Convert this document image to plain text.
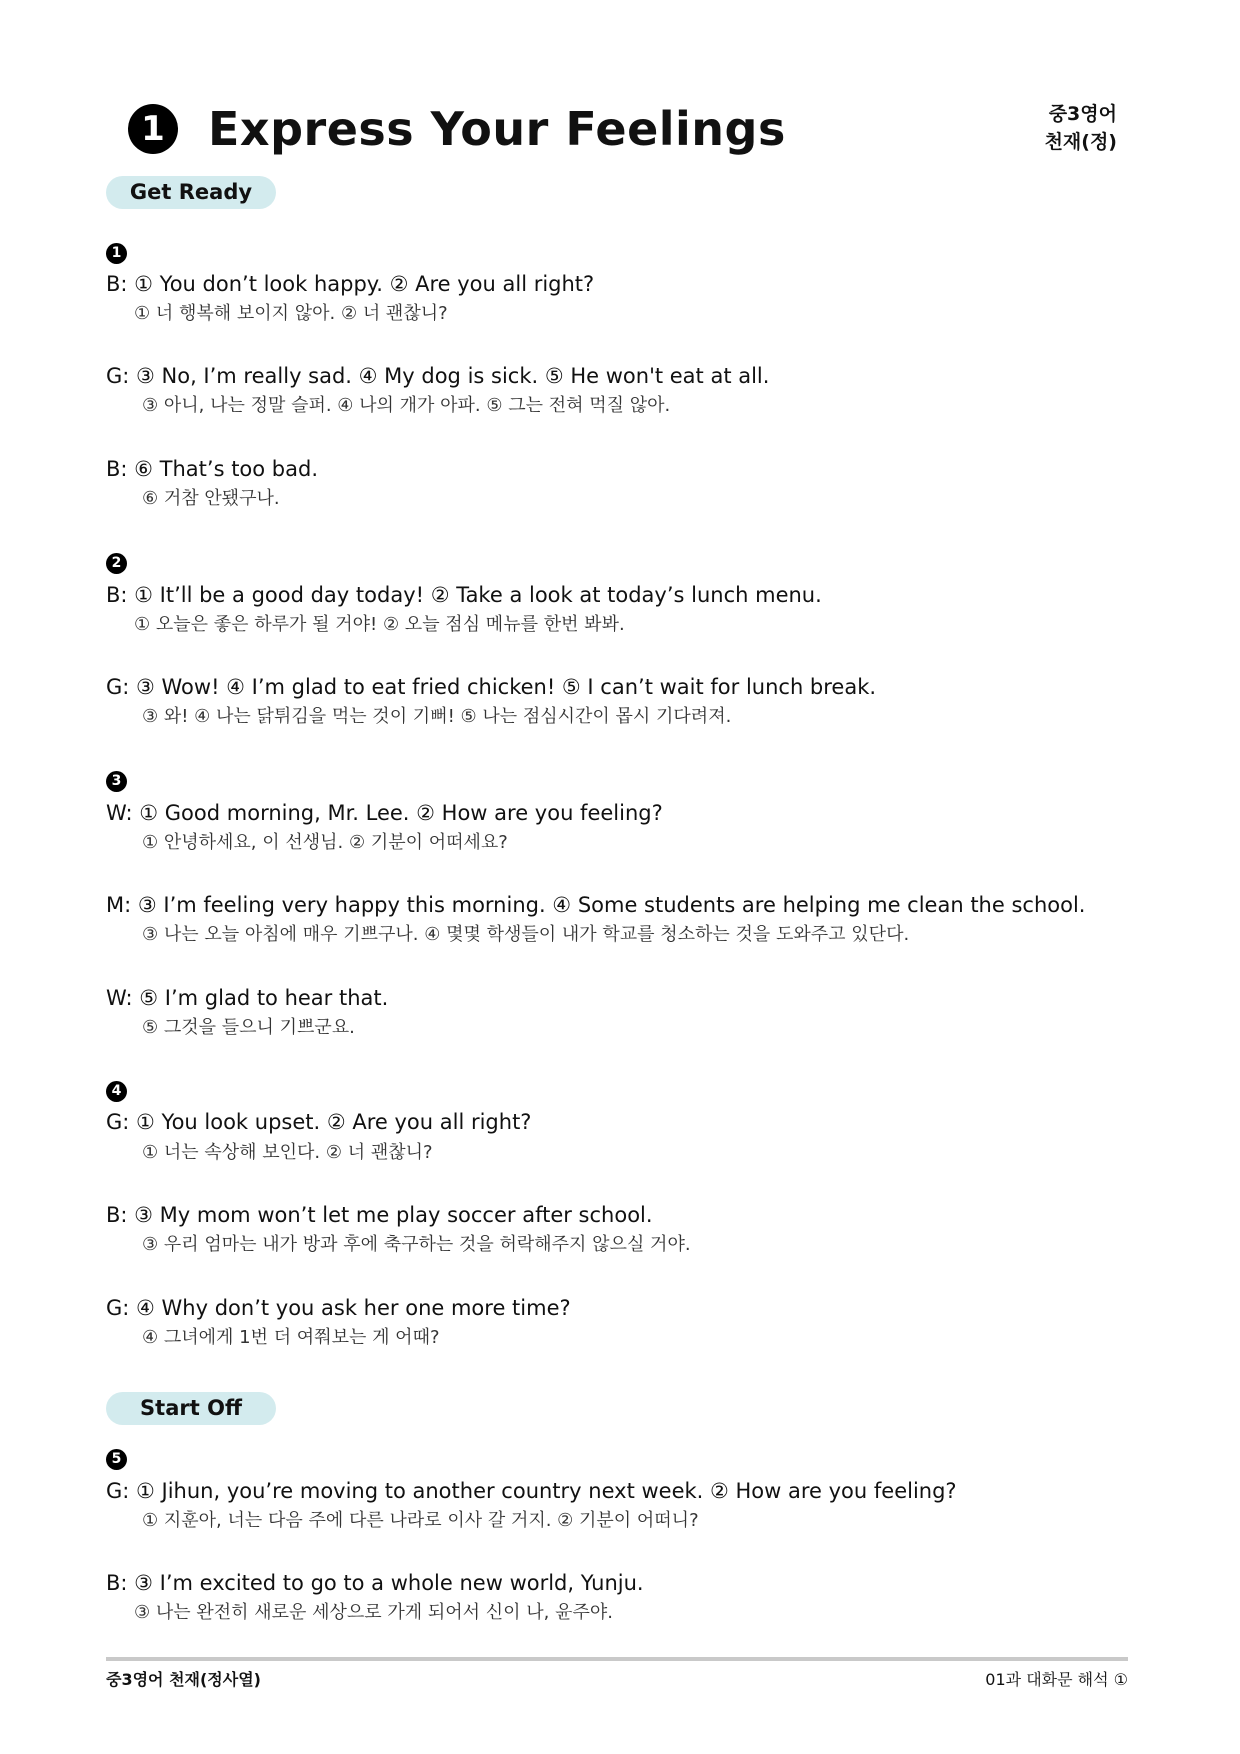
1 Express Your Feelings	중3영어
천재(정)
Get Ready
1
B: ① You don’t look happy. ② Are you all right?
① 너 행복해 보이지 않아. ② 너 괜찮니?
G: ③ No, I’m really sad. ④ My dog is sick. ⑤ He won't eat at all.
③ 아니, 나는 정말 슬퍼. ④ 나의 개가 아파. ⑤ 그는 전혀 먹질 않아.
B: ⑥ That’s too bad.
⑥ 거참 안됐구나.
2
B: ① It’ll be a good day today! ② Take a look at today’s lunch menu.
① 오늘은 좋은 하루가 될 거야! ② 오늘 점심 메뉴를 한번 봐봐.
G: ③ Wow! ④ I’m glad to eat fried chicken! ⑤ I can’t wait for lunch break.
③ 와! ④ 나는 닭튀김을 먹는 것이 기뻐! ⑤ 나는 점심시간이 몹시 기다려져.
3
W: ① Good morning, Mr. Lee. ② How are you feeling?
① 안녕하세요, 이 선생님. ② 기분이 어떠세요?
M: ③ I’m feeling very happy this morning. ④ Some students are helping me clean the school.
③ 나는 오늘 아침에 매우 기쁘구나. ④ 몇몇 학생들이 내가 학교를 청소하는 것을 도와주고 있단다.
W: ⑤ I’m glad to hear that.
⑤ 그것을 들으니 기쁘군요.
4
G: ① You look upset. ② Are you all right?
① 너는 속상해 보인다. ② 너 괜찮니?
B: ③ My mom won’t let me play soccer after school.
③ 우리 엄마는 내가 방과 후에 축구하는 것을 허락해주지 않으실 거야.
G: ④ Why don’t you ask her one more time?
④ 그녀에게 1번 더 여쭤보는 게 어때?
Start Off
5
G: ① Jihun, you’re moving to another country next week. ② How are you feeling?
① 지훈아, 너는 다음 주에 다른 나라로 이사 갈 거지. ② 기분이 어떠니?
B: ③ I’m excited to go to a whole new world, Yunju.
③ 나는 완전히 새로운 세상으로 가게 되어서 신이 나, 윤주야.
중3영어 천재(정사열)	01과 대화문 해석 ①
